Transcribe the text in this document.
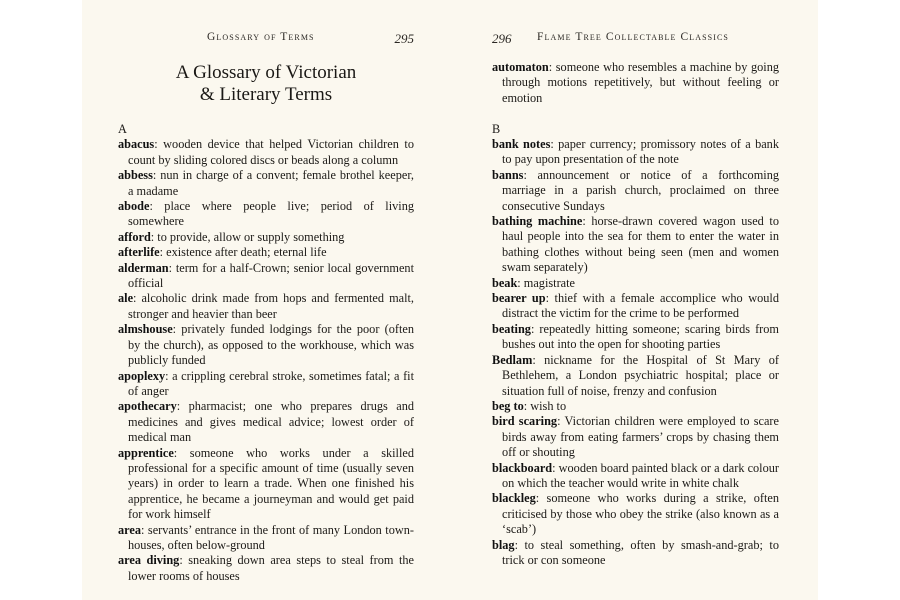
Glossary of Terms	295
A Glossary of Victorian
& Literary Terms

A

abacus: wooden device that helped Victorian children to count by sliding colored discs or beads along a column

abbess: nun in charge of a convent; female brothel keeper, a madame

abode: place where people live; period of living somewhere

afford: to provide, allow or supply something

afterlife: existence after death; eternal life

alderman: term for a half-Crown; senior local government official

ale: alcoholic drink made from hops and fermented malt, stronger and heavier than beer

almshouse: privately funded lodgings for the poor (often by the church), as opposed to the workhouse, which was publicly funded

apoplexy: a crippling cerebral stroke, sometimes fatal; a fit of anger

apothecary: pharmacist; one who prepares drugs and medicines and gives medical advice; lowest order of medical man

apprentice: someone who works under a skilled professional for a specific amount of time (usually seven years) in order to learn a trade. When one finished his apprentice, he became a journeyman and would get paid for work himself

area: servants’ entrance in the front of many London town-houses, often below-ground

area diving: sneaking down area steps to steal from the lower rooms of houses

296 Flame Tree Collectable Classics

automaton: someone who resembles a machine by going through motions repetitively, but without feeling or emotion

B

bank notes: paper currency; promissory notes of a bank to pay upon presentation of the note

banns: announcement or notice of a forthcoming marriage in a parish church, proclaimed on three consecutive Sundays

bathing machine: horse-drawn covered wagon used to haul people into the sea for them to enter the water in bathing clothes without being seen (men and women swam separately)

beak: magistrate

bearer up: thief with a female accomplice who would distract the victim for the crime to be performed

beating: repeatedly hitting someone; scaring birds from bushes out into the open for shooting parties

Bedlam: nickname for the Hospital of St Mary of Bethlehem, a London psychiatric hospital; place or situation full of noise, frenzy and confusion

beg to: wish to

bird scaring: Victorian children were employed to scare birds away from eating farmers’ crops by chasing them off or shouting

blackboard: wooden board painted black or a dark colour on which the teacher would write in white chalk

blackleg: someone who works during a strike, often criticised by those who obey the strike (also known as a ‘scab’)

blag: to steal something, often by smash-and-grab; to trick or con someone
